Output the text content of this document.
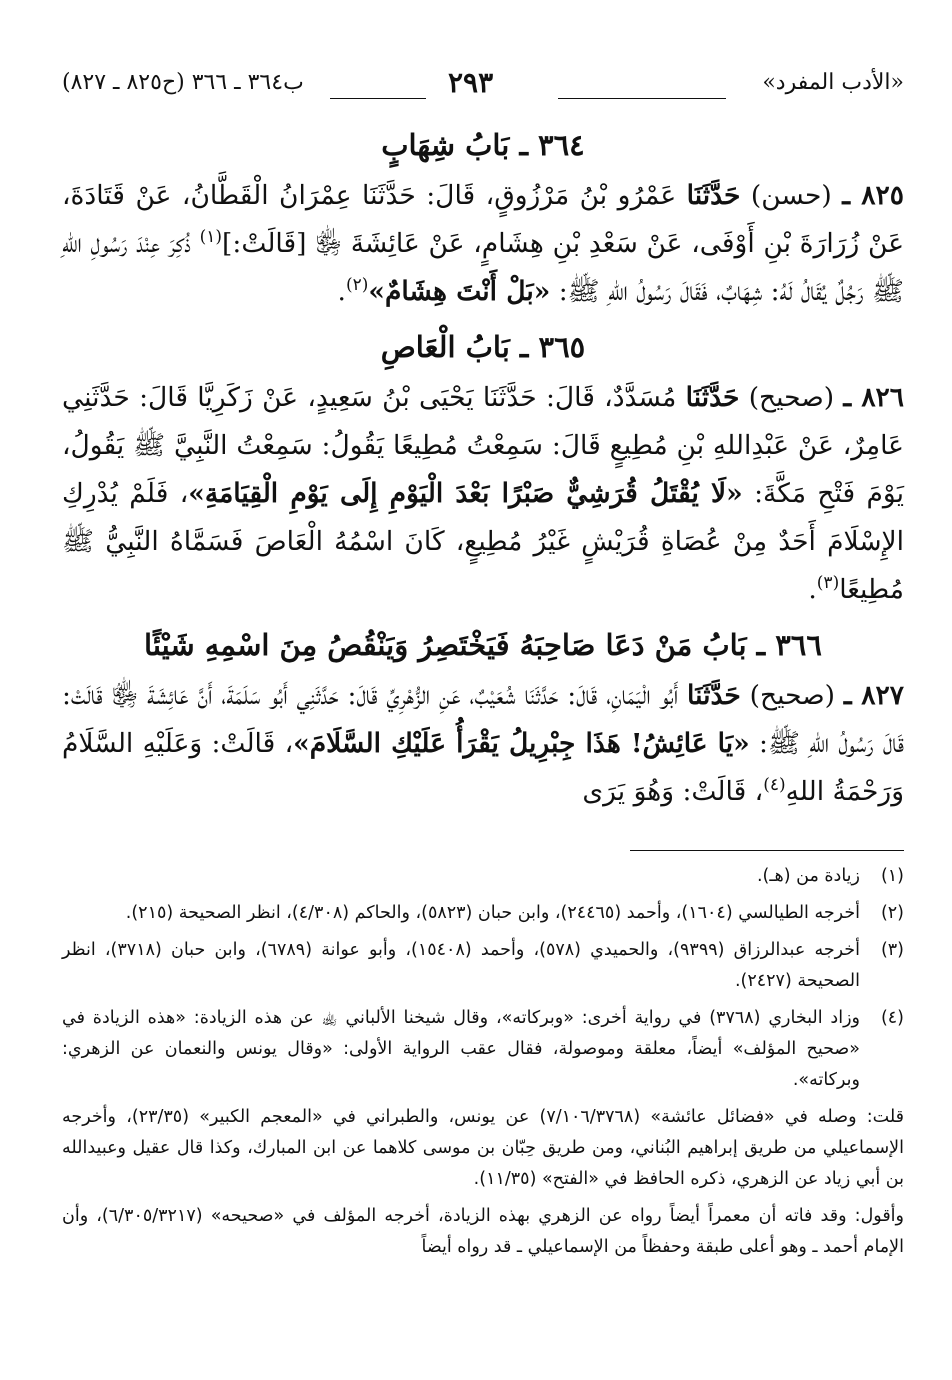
«الأدب المفرد»
٢٩٣
ب٣٦٤ ـ ٣٦٦ (ح٨٢٥ ـ ٨٢٧)
٣٦٤ ـ بَابُ شِهَابٍ
٨٢٥ ـ (حسن) حَدَّثَنَا عَمْرُو بْنُ مَرْزُوقٍ، قَالَ: حَدَّثَنَا عِمْرَانُ الْقَطَّانُ، عَنْ قَتَادَةَ، عَنْ زُرَارَةَ بْنِ أَوْفَى، عَنْ سَعْدِ بْنِ هِشَامٍ، عَنْ عَائِشَةَ ﵂ [قَالَتْ:]$^{(١)}$ ذُكِرَ عِنْدَ رَسُولِ اللهِ ﷺ رَجُلٌ يُقَالُ لَهُ: شِهَابٌ، فَقَالَ رَسُولُ اللهِ ﷺ: «بَلْ أَنْتَ هِشَامٌ»$^{(٢)}$.
٣٦٥ ـ بَابُ الْعَاصِ
٨٢٦ ـ (صحيح) حَدَّثَنَا مُسَدَّدٌ، قَالَ: حَدَّثَنَا يَحْيَى بْنُ سَعِيدٍ، عَنْ زَكَرِيَّا قَالَ: حَدَّثَنِي عَامِرٌ، عَنْ عَبْدِاللهِ بْنِ مُطِيعٍ قَالَ: سَمِعْتُ مُطِيعًا يَقُولُ: سَمِعْتُ النَّبِيَّ ﷺ يَقُولُ، يَوْمَ فَتْحِ مَكَّةَ: «لَا يُقْتَلُ قُرَشِيٌّ صَبْرًا بَعْدَ الْيَوْمِ إِلَى يَوْمِ الْقِيَامَةِ»، فَلَمْ يُدْرِكِ الإِسْلَامَ أَحَدٌ مِنْ عُصَاةِ قُرَيْشٍ غَيْرُ مُطِيعٍ، كَانَ اسْمُهُ الْعَاصَ فَسَمَّاهُ النَّبِيُّ ﷺ مُطِيعًا$^{(٣)}$.
٣٦٦ ـ بَابُ مَنْ دَعَا صَاحِبَهُ فَيَخْتَصِرُ وَيَنْقُصُ مِنَ اسْمِهِ شَيْئًا
٨٢٧ ـ (صحيح) حَدَّثَنَا أَبُو الْيَمَانِ، قَالَ: حَدَّثَنَا شُعَيْبٌ، عَنِ الزُّهْرِيِّ قَالَ: حَدَّثَنِي أَبُو سَلَمَةَ، أَنَّ عَائِشَةَ ﵂ قَالَتْ: قَالَ رَسُولُ اللهِ ﷺ: «يَا عَائِشُ! هَذَا جِبْرِيلُ يَقْرَأُ عَلَيْكِ السَّلَامَ»، قَالَتْ: وَعَلَيْهِ السَّلَامُ وَرَحْمَةُ اللهِ$^{(٤)}$، قَالَتْ: وَهُوَ يَرَى
(١)
زيادة من (هـ).
(٢)
أخرجه الطيالسي (١٦٠٤)، وأحمد (٢٤٤٦٥)، وابن حبان (٥٨٢٣)، والحاكم (٤/٣٠٨)، انظر الصحيحة (٢١٥).
(٣)
أخرجه عبدالرزاق (٩٣٩٩)، والحميدي (٥٧٨)، وأحمد (١٥٤٠٨)، وأبو عوانة (٦٧٨٩)، وابن حبان (٣٧١٨)، انظر الصحيحة (٢٤٢٧).
(٤)
وزاد البخاري (٣٧٦٨) في رواية أخرى: «وبركاته»، وقال شيخنا الألباني ﵀ عن هذه الزيادة: «هذه الزيادة في «صحيح المؤلف» أيضاً، معلقة وموصولة، فقال عقب الرواية الأولى: «وقال يونس والنعمان عن الزهري: وبركاته».
قلت: وصله في «فضائل عائشة» (٧/١٠٦/٣٧٦٨) عن يونس، والطبراني في «المعجم الكبير» (٢٣/٣٥)، وأخرجه الإسماعيلي من طريق إبراهيم البُناني، ومن طريق حِبّان بن موسى كلاهما عن ابن المبارك، وكذا قال عقيل وعبيدالله بن أبي زياد عن الزهري، ذكره الحافظ في «الفتح» (١١/٣٥).
وأقول: وقد فاته أن معمراً أيضاً رواه عن الزهري بهذه الزيادة، أخرجه المؤلف في «صحيحه» (٦/٣٠٥/٣٢١٧)، وأن الإمام أحمد ـ وهو أعلى طبقة وحفظاً من الإسماعيلي ـ قد رواه أيضاً
